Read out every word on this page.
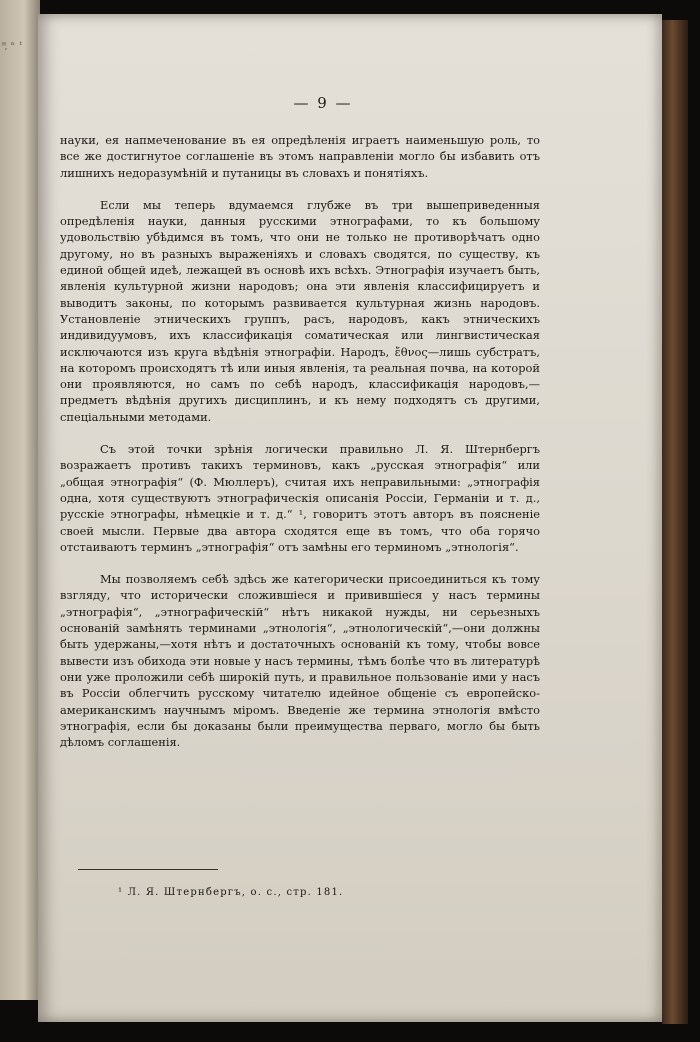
ᴴ᷊ ⁿ ᵗ
— 9 —

науки, ея напмеченование въ ея опредѣленія играетъ наименьшую роль, то все же достигнутое соглашеніе въ этомъ направленіи могло бы избавить отъ лишнихъ недоразумѣній и путаницы въ словахъ и понятіяхъ.

Если мы теперь вдумаемся глубже въ три вышеприведенныя опредѣленія науки, данныя русскими этнографами, то къ большому удовольствію убѣдимся въ томъ, что они не только не противорѣчатъ одно другому, но въ разныхъ выраженіяхъ и словахъ сводятся, по существу, къ единой общей идеѣ, лежащей въ основѣ ихъ всѣхъ. Этнографія изучаетъ быть, явленія культурной жизни народовъ; она эти явленія классифицируетъ и выводитъ законы, по которымъ развивается культурная жизнь народовъ. Установленіе этническихъ группъ, расъ, народовъ, какъ этническихъ индивидуумовъ, ихъ классификація соматическая или лингвистическая исключаются изъ круга вѣдѣнія этнографіи. Народъ, ἔθνος—лишь субстратъ, на которомъ происходятъ тѣ или иныя явленія, та реальная почва, на которой они проявляются, но самъ по себѣ народъ, классификація народовъ,—предметъ вѣдѣнія другихъ дисциплинъ, и къ нему подходятъ съ другими, спеціальными методами.

Съ этой точки зрѣнія логически правильно Л. Я. Штернбергъ возражаетъ противъ такихъ терминовъ, какъ „русская этнографія“ или „общая этнографія“ (Ф. Мюллеръ), считая ихъ неправильными: „этнографія одна, хотя существуютъ этнографическія описанія Россіи, Германіи и т. д., русскіе этнографы, нѣмецкіе и т. д.“ ¹, говоритъ этотъ авторъ въ поясненіе своей мысли. Первые два автора сходятся еще въ томъ, что оба горячо отстаиваютъ терминъ „этнографія“ отъ замѣны его терминомъ „этнологія“.

Мы позволяемъ себѣ здѣсь же категорически присоединиться къ тому взгляду, что исторически сложившіеся и привившіеся у насъ термины „этнографія“, „этнографическій“ нѣтъ никакой нужды, ни серьезныхъ основаній замѣнять терминами „этнологія“, „этнологическій“,—они должны быть удержаны,—хотя нѣтъ и достаточныхъ основаній къ тому, чтобы вовсе вывести изъ обихода эти новые у насъ термины, тѣмъ болѣе что въ литературѣ они уже проложили себѣ широкій путь, и правильное пользованіе ими у насъ въ Россіи облегчить русскому читателю идейное общеніе съ европейско-американскимъ научнымъ міромъ. Введеніе же термина этнологія вмѣсто этнографія, если бы доказаны были преимущества перваго, могло бы быть дѣломъ соглашенія.

¹ Л. Я. Штернбергъ, о. с., стр. 181.
